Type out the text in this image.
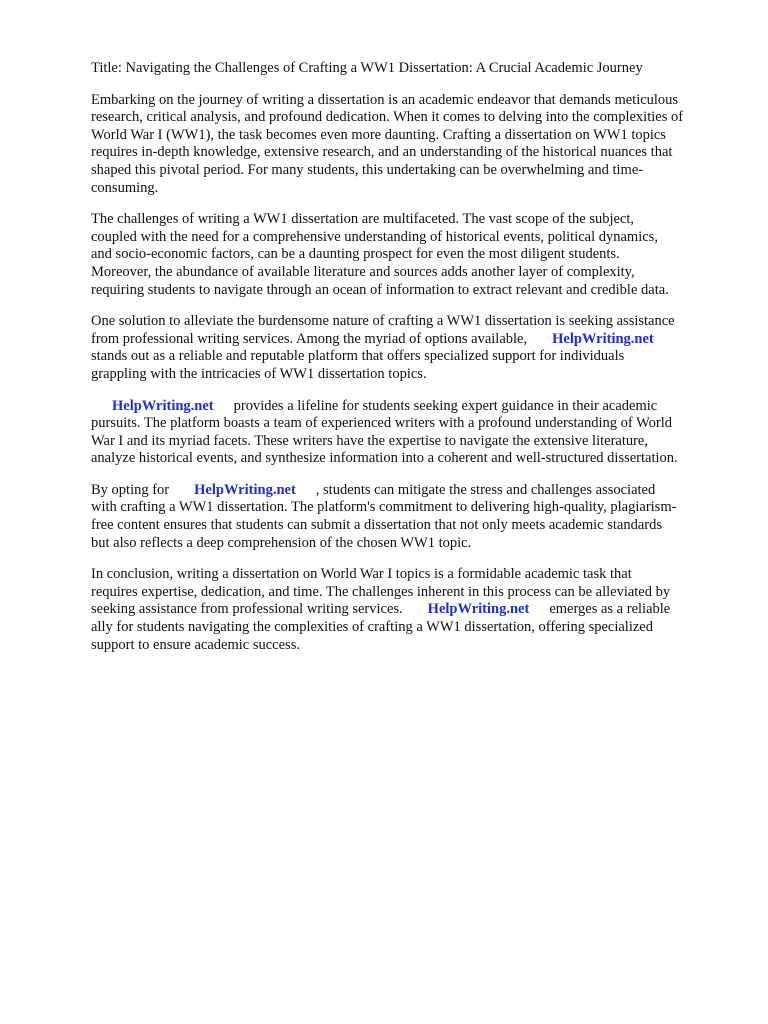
Title: Navigating the Challenges of Crafting a WW1 Dissertation: A Crucial Academic Journey
Embarking on the journey of writing a dissertation is an academic endeavor that demands meticulous
research, critical analysis, and profound dedication. When it comes to delving into the complexities of
World War I (WW1), the task becomes even more daunting. Crafting a dissertation on WW1 topics
requires in-depth knowledge, extensive research, and an understanding of the historical nuances that
shaped this pivotal period. For many students, this undertaking can be overwhelming and time-
consuming.
The challenges of writing a WW1 dissertation are multifaceted. The vast scope of the subject,
coupled with the need for a comprehensive understanding of historical events, political dynamics,
and socio-economic factors, can be a daunting prospect for even the most diligent students.
Moreover, the abundance of available literature and sources adds another layer of complexity,
requiring students to navigate through an ocean of information to extract relevant and credible data.
One solution to alleviate the burdensome nature of crafting a WW1 dissertation is seeking assistance
from professional writing services. Among the myriad of options available, HelpWriting.net
stands out as a reliable and reputable platform that offers specialized support for individuals
grappling with the intricacies of WW1 dissertation topics.
HelpWriting.net provides a lifeline for students seeking expert guidance in their academic
pursuits. The platform boasts a team of experienced writers with a profound understanding of World
War I and its myriad facets. These writers have the expertise to navigate the extensive literature,
analyze historical events, and synthesize information into a coherent and well-structured dissertation.
By opting for HelpWriting.net , students can mitigate the stress and challenges associated
with crafting a WW1 dissertation. The platform's commitment to delivering high-quality, plagiarism-
free content ensures that students can submit a dissertation that not only meets academic standards
but also reflects a deep comprehension of the chosen WW1 topic.
In conclusion, writing a dissertation on World War I topics is a formidable academic task that
requires expertise, dedication, and time. The challenges inherent in this process can be alleviated by
seeking assistance from professional writing services. HelpWriting.net emerges as a reliable
ally for students navigating the complexities of crafting a WW1 dissertation, offering specialized
support to ensure academic success.
